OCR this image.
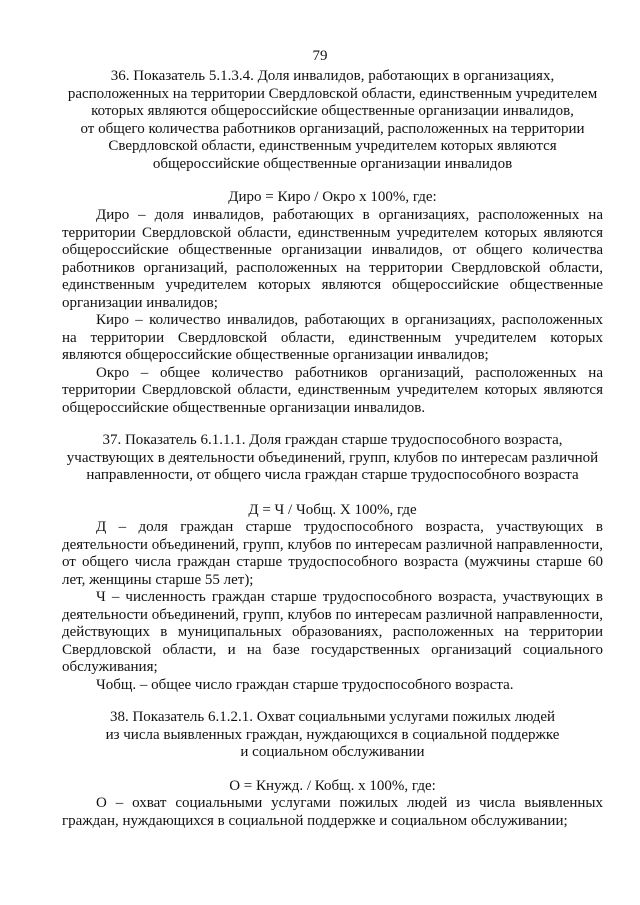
79
36. Показатель 5.1.3.4. Доля инвалидов, работающих в организациях,
расположенных на территории Свердловской области, единственным учредителем
которых являются общероссийские общественные организации инвалидов,
от общего количества работников организаций, расположенных на территории
Свердловской области, единственным учредителем которых являются
общероссийские общественные организации инвалидов
Диро = Киро / Окро х 100%, где:

Диро – доля инвалидов, работающих в организациях, расположенных на территории Свердловской области, единственным учредителем которых являются общероссийские общественные организации инвалидов, от общего количества работников организаций, расположенных на территории Свердловской области, единственным учредителем которых являются общероссийские общественные организации инвалидов;

Киро – количество инвалидов, работающих в организациях, расположенных на территории Свердловской области, единственным учредителем которых являются общероссийские общественные организации инвалидов;

Окро – общее количество работников организаций, расположенных на территории Свердловской области, единственным учредителем которых являются общероссийские общественные организации инвалидов.

37. Показатель 6.1.1.1. Доля граждан старше трудоспособного возраста,
участвующих в деятельности объединений, групп, клубов по интересам различной
направленности, от общего числа граждан старше трудоспособного возраста
Д = Ч / Чобщ. Х 100%, где

Д – доля граждан старше трудоспособного возраста, участвующих в деятельности объединений, групп, клубов по интересам различной направленности, от общего числа граждан старше трудоспособного возраста (мужчины старше 60 лет, женщины старше 55 лет);

Ч – численность граждан старше трудоспособного возраста, участвующих в деятельности объединений, групп, клубов по интересам различной направленности, действующих в муниципальных образованиях, расположенных на территории Свердловской области, и на базе государственных организаций социального обслуживания;

Чобщ. – общее число граждан старше трудоспособного возраста.

38. Показатель 6.1.2.1. Охват социальными услугами пожилых людей
из числа выявленных граждан, нуждающихся в социальной поддержке
и социальном обслуживании
О = Кнужд. / Кобщ. х 100%, где:

О – охват социальными услугами пожилых людей из числа выявленных граждан, нуждающихся в социальной поддержке и социальном обслуживании;
